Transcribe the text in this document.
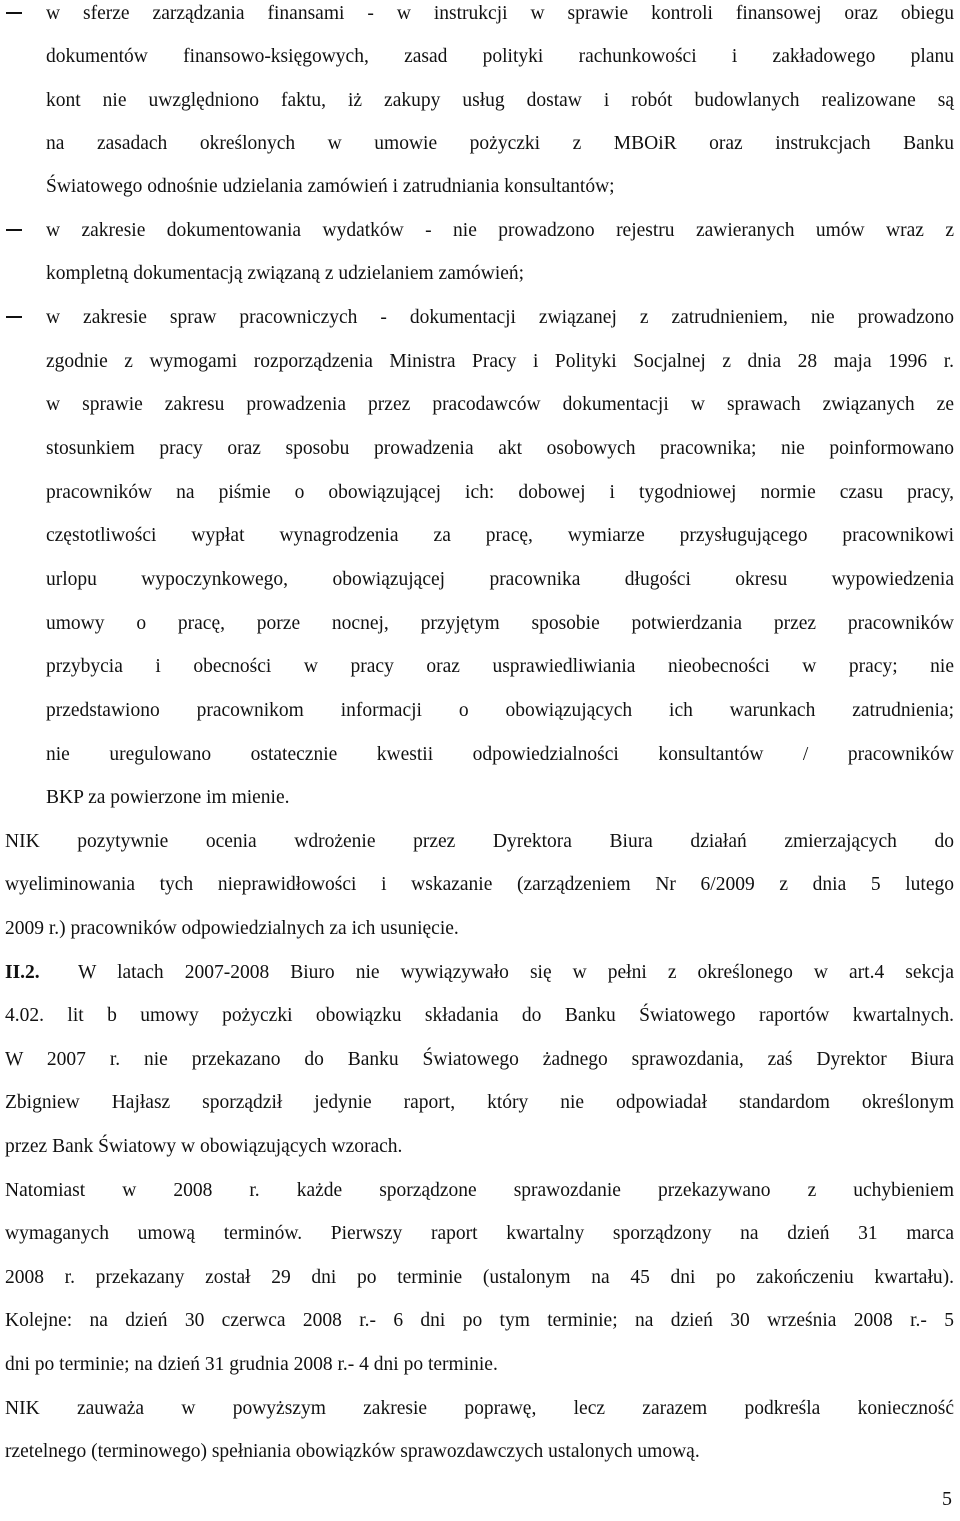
w sferze zarządzania finansami - w instrukcji w sprawie kontroli finansowej oraz obiegu
dokumentów finansowo-księgowych, zasad polityki rachunkowości i zakładowego planu
kont nie uwzględniono faktu, iż zakupy usług dostaw i robót budowlanych realizowane są
na zasadach określonych w umowie pożyczki z MBOiR oraz instrukcjach Banku
Światowego odnośnie udzielania zamówień i zatrudniania konsultantów;
w zakresie dokumentowania wydatków - nie prowadzono rejestru zawieranych umów wraz z
kompletną dokumentacją związaną z udzielaniem zamówień;
w zakresie spraw pracowniczych - dokumentacji związanej z zatrudnieniem, nie prowadzono
zgodnie z wymogami rozporządzenia Ministra Pracy i Polityki Socjalnej z dnia 28 maja 1996 r.
w sprawie zakresu prowadzenia przez pracodawców dokumentacji w sprawach związanych ze
stosunkiem pracy oraz sposobu prowadzenia akt osobowych pracownika; nie poinformowano
pracowników na piśmie o obowiązującej ich: dobowej i tygodniowej normie czasu pracy,
częstotliwości wypłat wynagrodzenia za pracę, wymiarze przysługującego pracownikowi
urlopu wypoczynkowego, obowiązującej pracownika długości okresu wypowiedzenia
umowy o pracę, porze nocnej, przyjętym sposobie potwierdzania przez pracowników
przybycia i obecności w pracy oraz usprawiedliwiania nieobecności w pracy; nie
przedstawiono pracownikom informacji o obowiązujących ich warunkach zatrudnienia;
nie uregulowano ostatecznie kwestii odpowiedzialności konsultantów / pracowników
BKP za powierzone im mienie.
NIK pozytywnie ocenia wdrożenie przez Dyrektora Biura działań zmierzających do
wyeliminowania tych nieprawidłowości i wskazanie (zarządzeniem Nr 6/2009 z dnia 5 lutego
2009 r.) pracowników odpowiedzialnych za ich usunięcie.
II.2. W latach 2007-2008 Biuro nie wywiązywało się w pełni z określonego w art.4 sekcja
4.02. lit b umowy pożyczki obowiązku składania do Banku Światowego raportów kwartalnych.
W 2007 r. nie przekazano do Banku Światowego żadnego sprawozdania, zaś Dyrektor Biura
Zbigniew Hajłasz sporządził jedynie raport, który nie odpowiadał standardom określonym
przez Bank Światowy w obowiązujących wzorach.
Natomiast w 2008 r. każde sporządzone sprawozdanie przekazywano z uchybieniem
wymaganych umową terminów. Pierwszy raport kwartalny sporządzony na dzień 31 marca
2008 r. przekazany został 29 dni po terminie (ustalonym na 45 dni po zakończeniu kwartału).
Kolejne: na dzień 30 czerwca 2008 r.- 6 dni po tym terminie; na dzień 30 września 2008 r.- 5
dni po terminie; na dzień 31 grudnia 2008 r.- 4 dni po terminie.
NIK zauważa w powyższym zakresie poprawę, lecz zarazem podkreśla konieczność
rzetelnego (terminowego) spełniania obowiązków sprawozdawczych ustalonych umową.
5
